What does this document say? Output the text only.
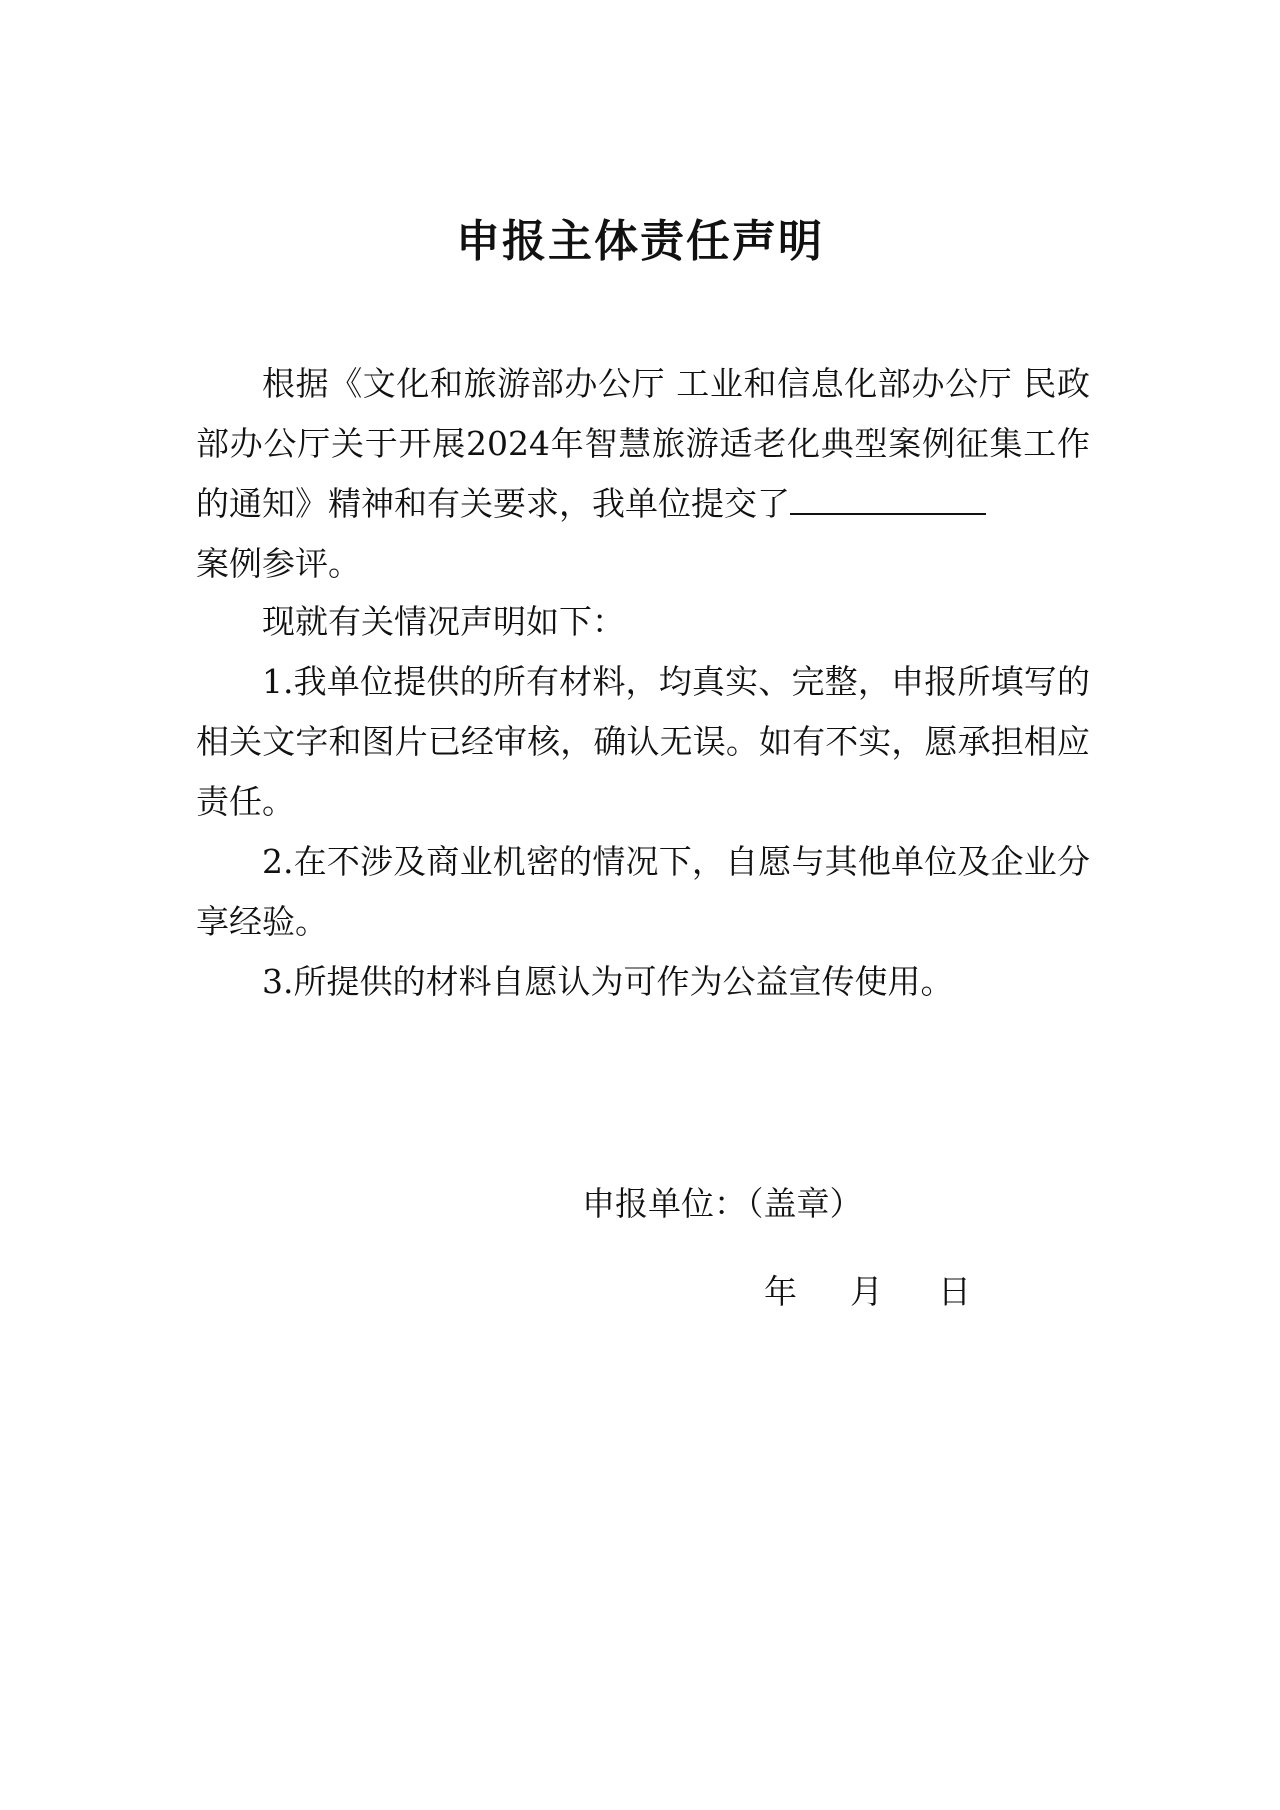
申报主体责任声明

根据《文化和旅游部办公厅 工业和信息化部办公厅 民政部办公厅关于开展2024年智慧旅游适老化典型案例征集工作的通知》精神和有关要求，我单位提交了
案例参评。

现就有关情况声明如下：

1.我单位提供的所有材料，均真实、完整，申报所填写的相关文字和图片已经审核，确认无误。如有不实，愿承担相应责任。

2.在不涉及商业机密的情况下，自愿与其他单位及企业分享经验。

3.所提供的材料自愿认为可作为公益宣传使用。

申报单位：（盖章）
年 月 日
